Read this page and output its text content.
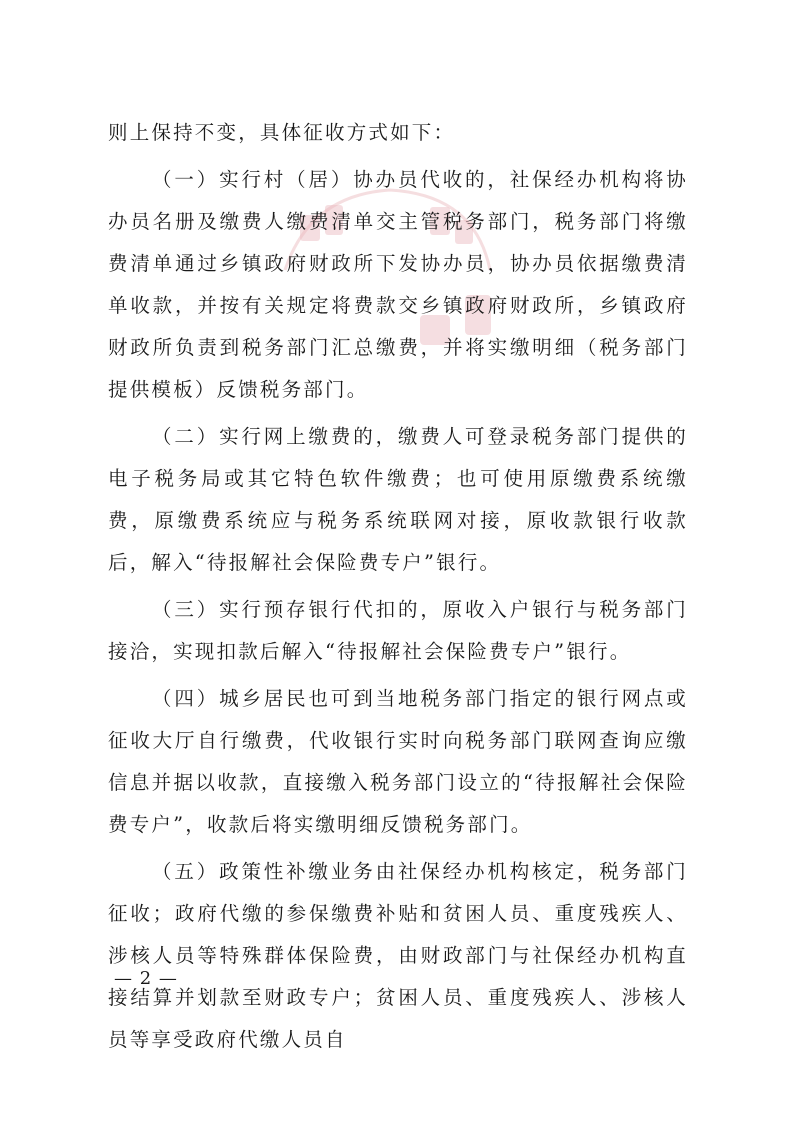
则上保持不变，具体征收方式如下：

（一）实行村（居）协办员代收的，社保经办机构将协办员名册及缴费人缴费清单交主管税务部门，税务部门将缴费清单通过乡镇政府财政所下发协办员，协办员依据缴费清单收款，并按有关规定将费款交乡镇政府财政所，乡镇政府财政所负责到税务部门汇总缴费，并将实缴明细（税务部门提供模板）反馈税务部门。

（二）实行网上缴费的，缴费人可登录税务部门提供的电子税务局或其它特色软件缴费；也可使用原缴费系统缴费，原缴费系统应与税务系统联网对接，原收款银行收款后，解入“待报解社会保险费专户”银行。

（三）实行预存银行代扣的，原收入户银行与税务部门接洽，实现扣款后解入“待报解社会保险费专户”银行。

（四）城乡居民也可到当地税务部门指定的银行网点或征收大厅自行缴费，代收银行实时向税务部门联网查询应缴信息并据以收款，直接缴入税务部门设立的“待报解社会保险费专户”，收款后将实缴明细反馈税务部门。

（五）政策性补缴业务由社保经办机构核定，税务部门征收；政府代缴的参保缴费补贴和贫困人员、重度残疾人、涉核人员等特殊群体保险费，由财政部门与社保经办机构直接结算并划款至财政专户；贫困人员、重度残疾人、涉核人员等享受政府代缴人员自

— 2 —
